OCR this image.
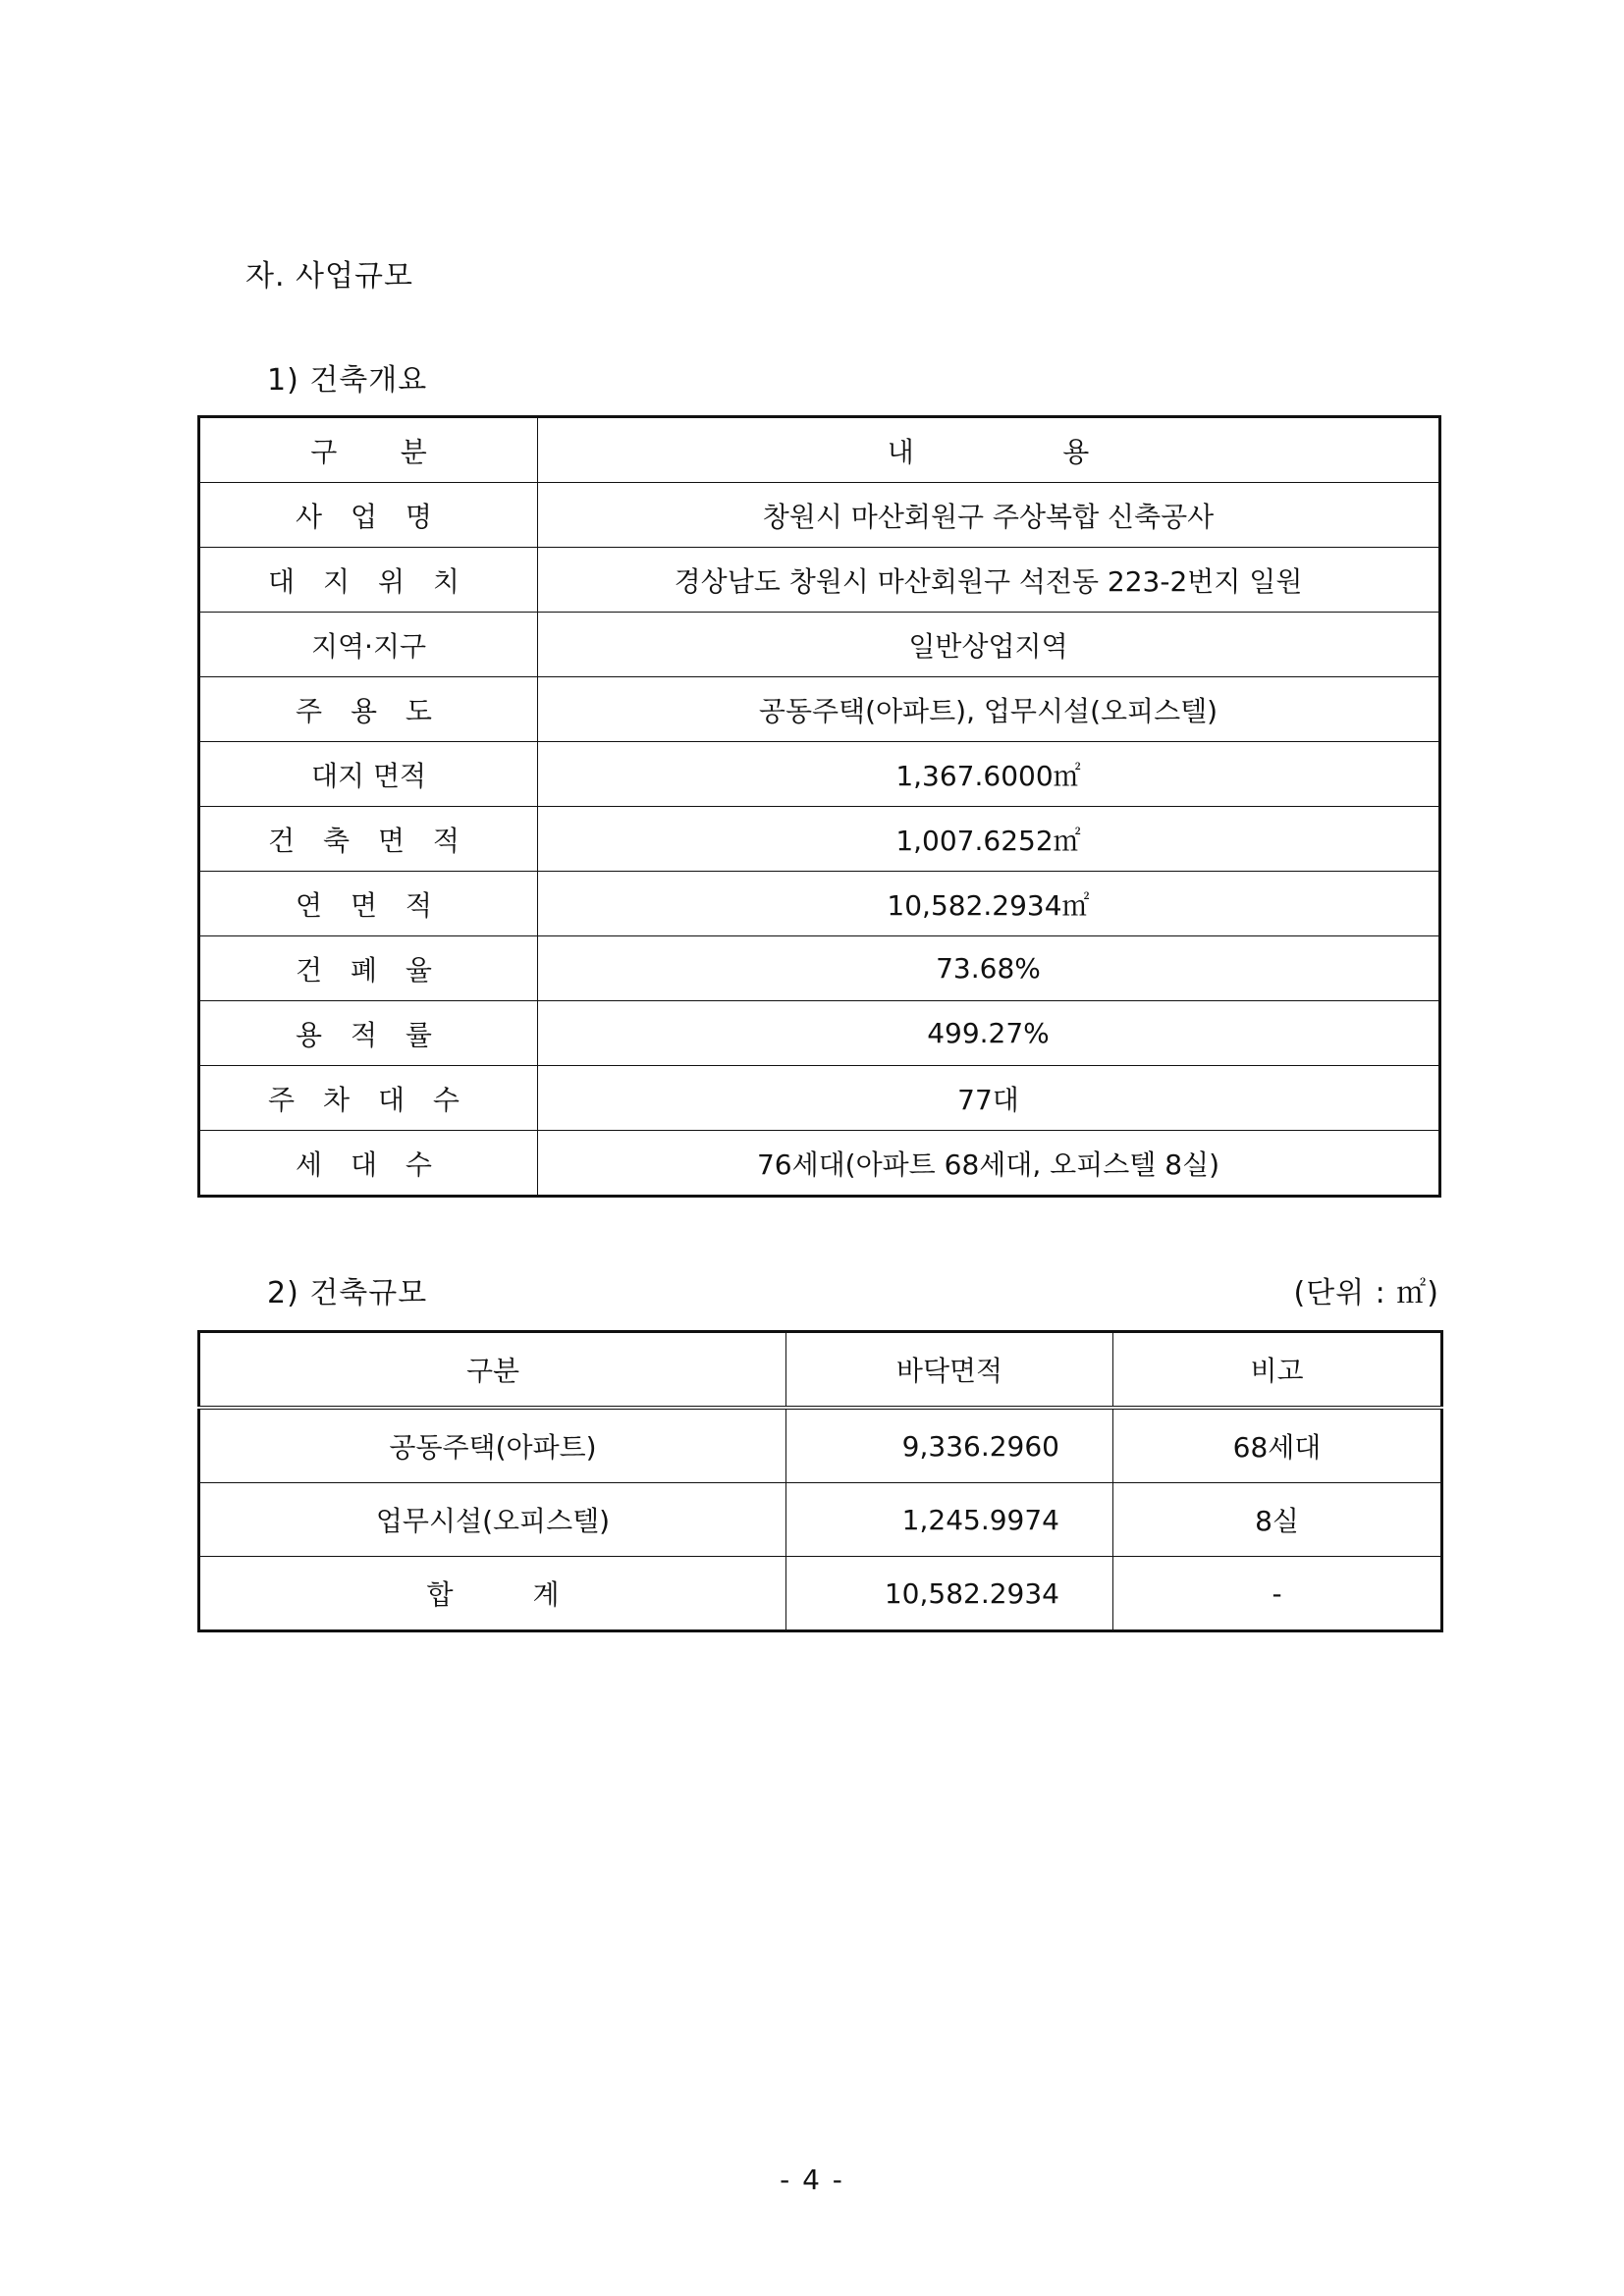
자. 사업규모
1) 건축개요
구 분	내 용

사 업 명	창원시 마산회원구 주상복합 신축공사
대 지 위 치	경상남도 창원시 마산회원구 석전동 223-2번지 일원
지역·지구	일반상업지역
주 용 도	공동주택(아파트), 업무시설(오피스텔)
대지 면적	1,367.6000㎡
건 축 면 적	1,007.6252㎡
연 면 적	10,582.2934㎡
건 폐 율	73.68%
용 적 률	499.27%
주 차 대 수	77대
세 대 수	76세대(아파트 68세대, 오피스텔 8실)
2) 건축규모	(단위 : ㎡)
구분	바닥면적	비고
공동주택(아파트)	9,336.2960	68세대
업무시설(오피스텔)	1,245.9974	8실

합 계	10,582.2934	-
- 4 -
